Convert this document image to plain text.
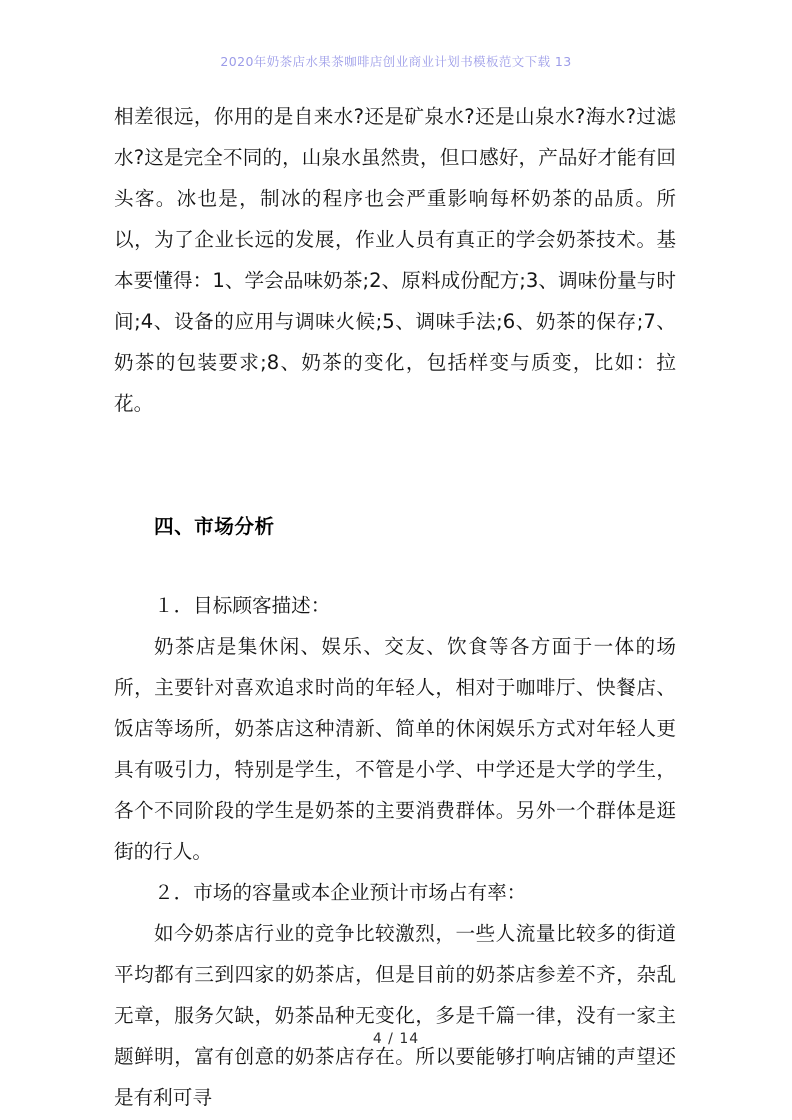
2020年奶茶店水果茶咖啡店创业商业计划书模板范文下载 13

相差很远，你用的是自来水?还是矿泉水?还是山泉水?海水?过滤水?这是完全不同的，山泉水虽然贵，但口感好，产品好才能有回头客。冰也是，制冰的程序也会严重影响每杯奶茶的品质。所以，为了企业长远的发展，作业人员有真正的学会奶茶技术。基本要懂得：1、学会品味奶茶;2、原料成份配方;3、调味份量与时间;4、设备的应用与调味火候;5、调味手法;6、奶茶的保存;7、奶茶的包装要求;8、奶茶的变化，包括样变与质变，比如：拉花。

四、市场分析

１．目标顾客描述：

奶茶店是集休闲、娱乐、交友、饮食等各方面于一体的场所，主要针对喜欢追求时尚的年轻人，相对于咖啡厅、快餐店、饭店等场所，奶茶店这种清新、简单的休闲娱乐方式对年轻人更具有吸引力，特别是学生，不管是小学、中学还是大学的学生，各个不同阶段的学生是奶茶的主要消费群体。另外一个群体是逛街的行人。

２．市场的容量或本企业预计市场占有率：

如今奶茶店行业的竞争比较激烈，一些人流量比较多的街道平均都有三到四家的奶茶店，但是目前的奶茶店参差不齐，杂乱无章，服务欠缺，奶茶品种无变化，多是千篇一律，没有一家主题鲜明，富有创意的奶茶店存在。所以要能够打响店铺的声望还是有利可寻

4 / 14
